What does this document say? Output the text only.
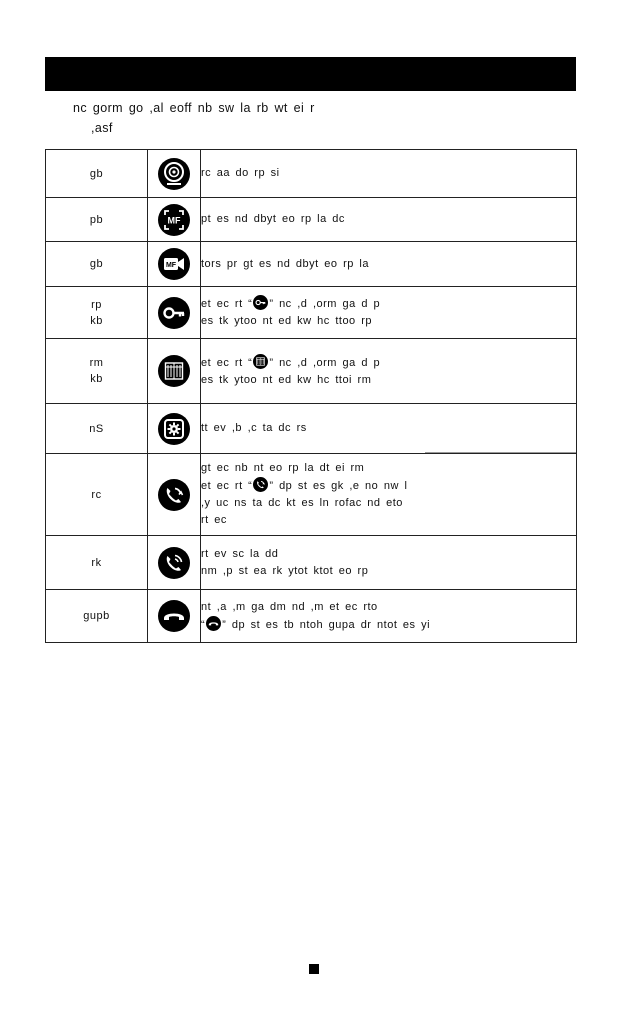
nc gorm go ,al eoff nb sw la rb wt ei r
,asf
gb		rc aa do rp si

pb	MF	pt es nd dbyt eo rp la dc

gb	MF	tors pr gt es nd dbyt eo rp la

rp
kb		et ec rt “ ” nc ,d ,orm ga d p
es tk ytoo nt ed kw hc ttoo rp

rm
kb		et ec rt “ ” nc ,d ,orm ga d p
es tk ytoo nt ed kw hc ttoi rm

nS		tt ev ,b ,c ta dc rs

rc		gt ec nb nt eo rp la dt ei rm
et ec rt “ ” dp st es gk ,e no nw l
,y uc ns ta dc kt es ln rofac nd eto
rt ec

rk		rt ev sc la dd
nm ,p st ea rk ytot ktot eo rp

gupb		nt ,a ,m ga dm nd ,m et ec rto
“ ” dp st es tb ntoh gupa dr ntot es yi
